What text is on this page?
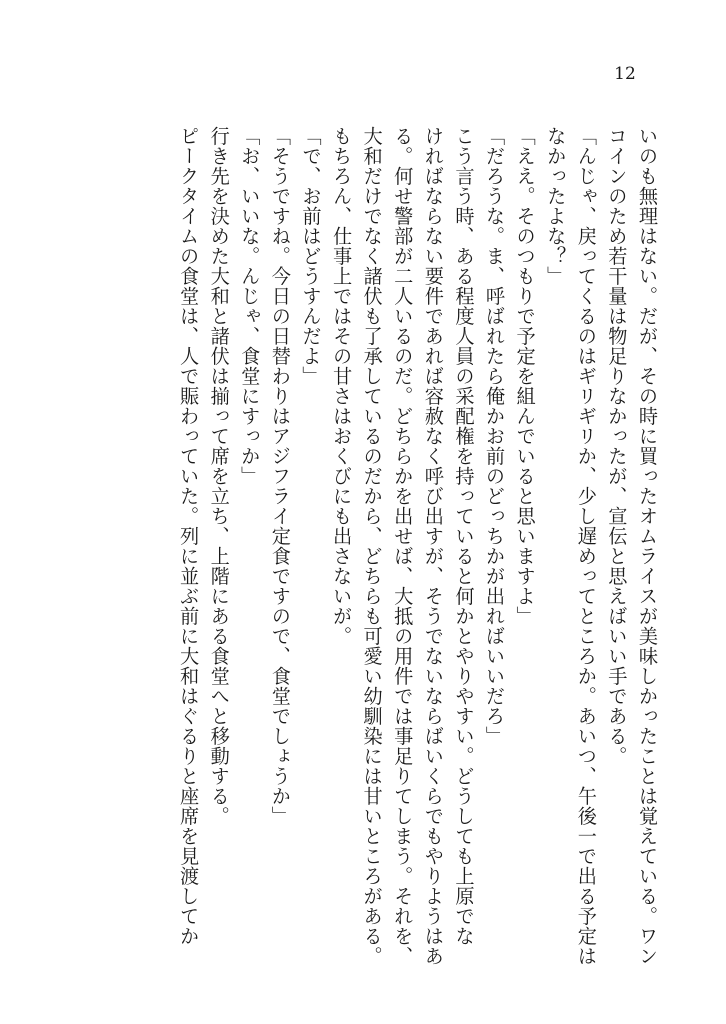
12
いのも無理はない。だが、その時に買ったオムライスが美味しかったことは覚えている。ワン
コインのため若干量は物足りなかったが、宣伝と思えばいい手である。
「んじゃ、戻ってくるのはギリギリか、少し遅めってところか。あいつ、午後一で出る予定は
なかったよな？」
「ええ。そのつもりで予定を組んでいると思いますよ」
「だろうな。ま、呼ばれたら俺かお前のどっちかが出ればいいだろ」
こう言う時、ある程度人員の采配権を持っていると何かとやりやすい。どうしても上原でな
ければならない要件であれば容赦なく呼び出すが、そうでないならばいくらでもやりようはあ
る。何せ警部が二人いるのだ。どちらかを出せば、大抵の用件では事足りてしまう。それを、
大和だけでなく諸伏も了承しているのだから、どちらも可愛い幼馴染には甘いところがある。
もちろん、仕事上ではその甘さはおくびにも出さないが。
「で、お前はどうすんだよ」
「そうですね。今日の日替わりはアジフライ定食ですので、食堂でしょうか」
「お、いいな。んじゃ、食堂にすっか」
行き先を決めた大和と諸伏は揃って席を立ち、上階にある食堂へと移動する。
ピークタイムの食堂は、人で賑わっていた。列に並ぶ前に大和はぐるりと座席を見渡してか
